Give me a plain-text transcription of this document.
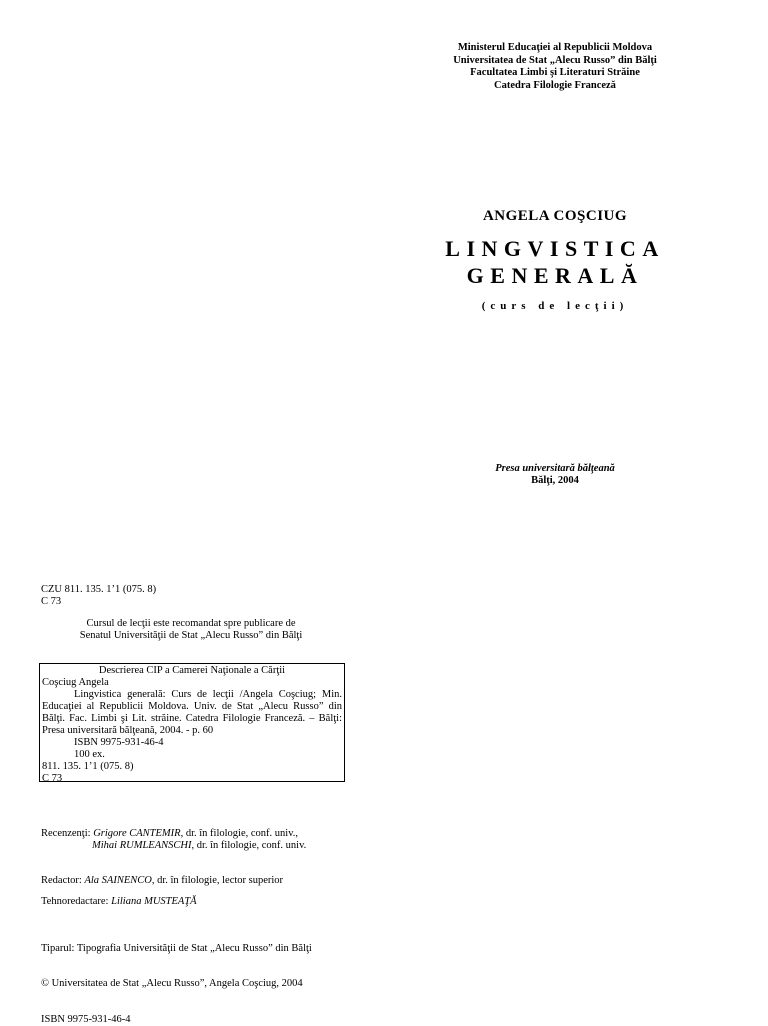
Ministerul Educaţiei al Republicii Moldova
Universitatea de Stat „Alecu Russo” din Bălţi
Facultatea Limbi şi Literaturi Străine
Catedra Filologie Franceză
ANGELA COŞCIUG
LINGVISTICA
GENERALĂ
(curs de lecţii)
Presa universitară bălţeană
Bălţi, 2004
CZU 811. 135. 1’1 (075. 8)
C 73
Cursul de lecţii este recomandat spre publicare de
Senatul Universităţii de Stat „Alecu Russo” din Bălţi
Descrierea CIP a Camerei Naţionale a Cărţii
Coşciug Angela
Lingvistica generală: Curs de lecţii /Angela Coşciug; Min. Educaţiei al Republicii Moldova. Univ. de Stat „Alecu Russo” din Bălţi. Fac. Limbi şi Lit. străine. Catedra Filologie Franceză. – Bălţi: Presa universitară bălţeană, 2004. - p. 60
ISBN 9975-931-46-4
100 ex.
811. 135. 1’1 (075. 8)
C 73
Recenzenţi: Grigore CANTEMIR, dr. în filologie, conf. univ.,
Mihai RUMLEANSCHI, dr. în filologie, conf. univ.
Redactor: Ala SAINENCO, dr. în filologie, lector superior
Tehnoredactare: Liliana MUSTEAŢĂ
Tiparul: Tipografia Universităţii de Stat „Alecu Russo” din Bălţi
© Universitatea de Stat „Alecu Russo”, Angela Coşciug, 2004
ISBN 9975-931-46-4
